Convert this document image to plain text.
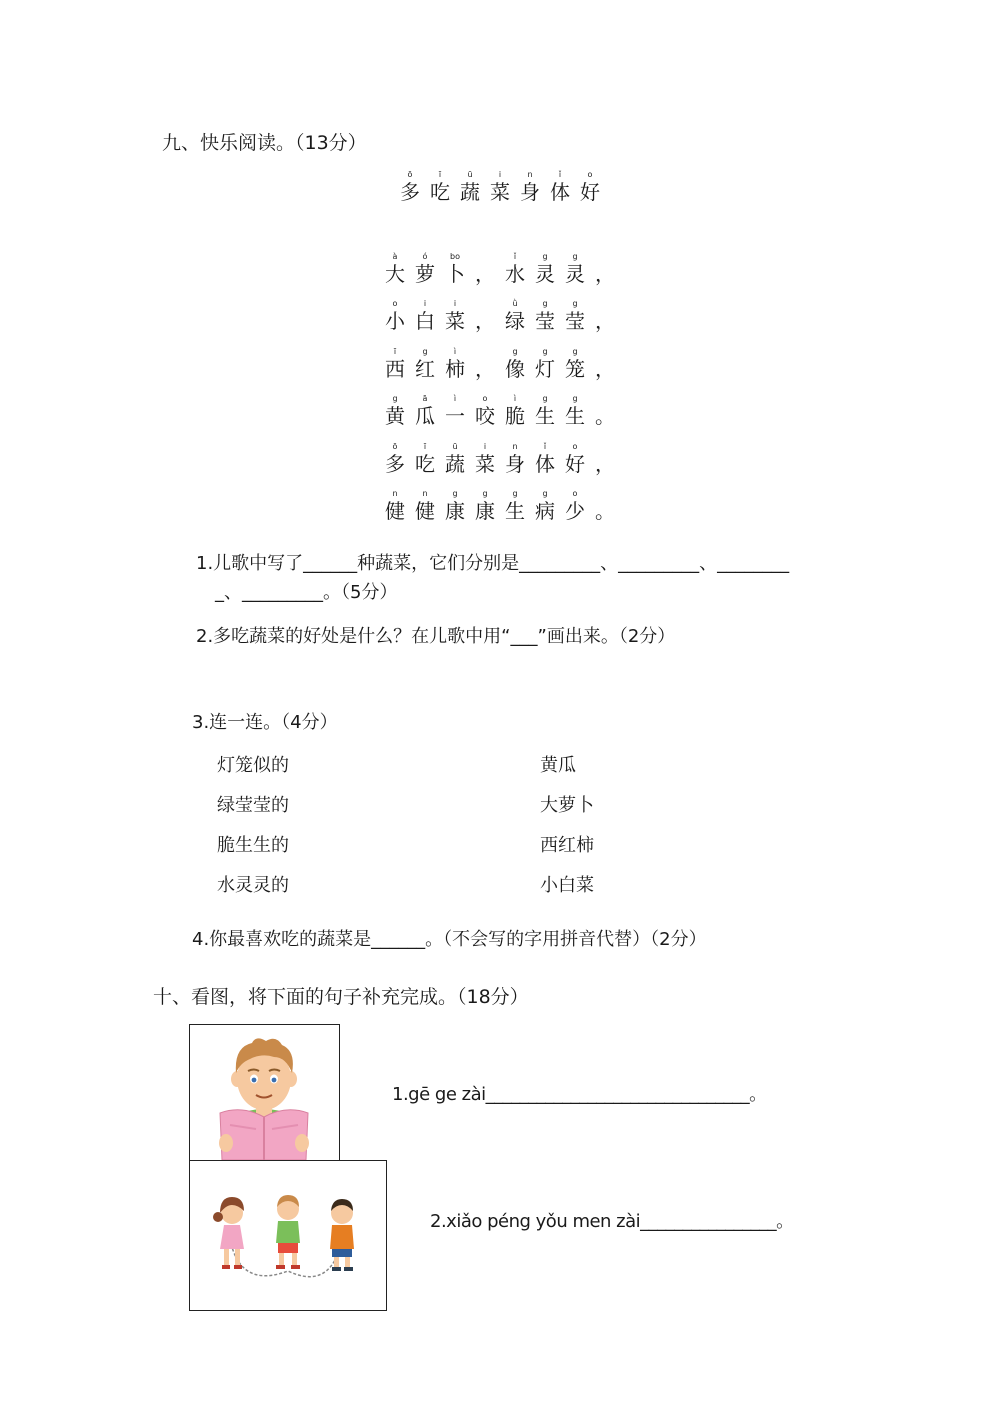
九、快乐阅读。（13分）
ō
多
ī
吃
ū
蔬
i
菜
n
身
ǐ
体
o
好
à
大
ó
萝
bo
卜 ，
ǐ
水
g
灵
g
灵 ，
o
小
i
白
i
菜 ，
ǜ
绿
g
莹
g
莹 ，
ī
西
g
红
ì
柿 ，
g
像
g
灯
g
笼 ，
g
黄
ā
瓜
ì
一
o
咬
ì
脆
g
生
g
生 。
ō
多
ī
吃
ū
蔬
i
菜
n
身
ǐ
体
o
好 ，
n
健
n
健
g
康
g
康
g
生
g
病
o
少 。
1.儿歌中写了______种蔬菜，它们分别是_________、_________、________
_、_________。（5分）
2.多吃蔬菜的好处是什么？在儿歌中用“___”画出来。（2分）
3.连一连。（4分）
灯笼似的
绿莹莹的
脆生生的
水灵灵的
黄瓜
大萝卜
西红柿
小白菜
4.你最喜欢吃的蔬菜是______。（不会写的字用拼音代替）（2分）
十、看图，将下面的句子补充完成。（18分）
1.gē ge zài_______________________________。
2.xiǎo péng yǒu men zài________________。
